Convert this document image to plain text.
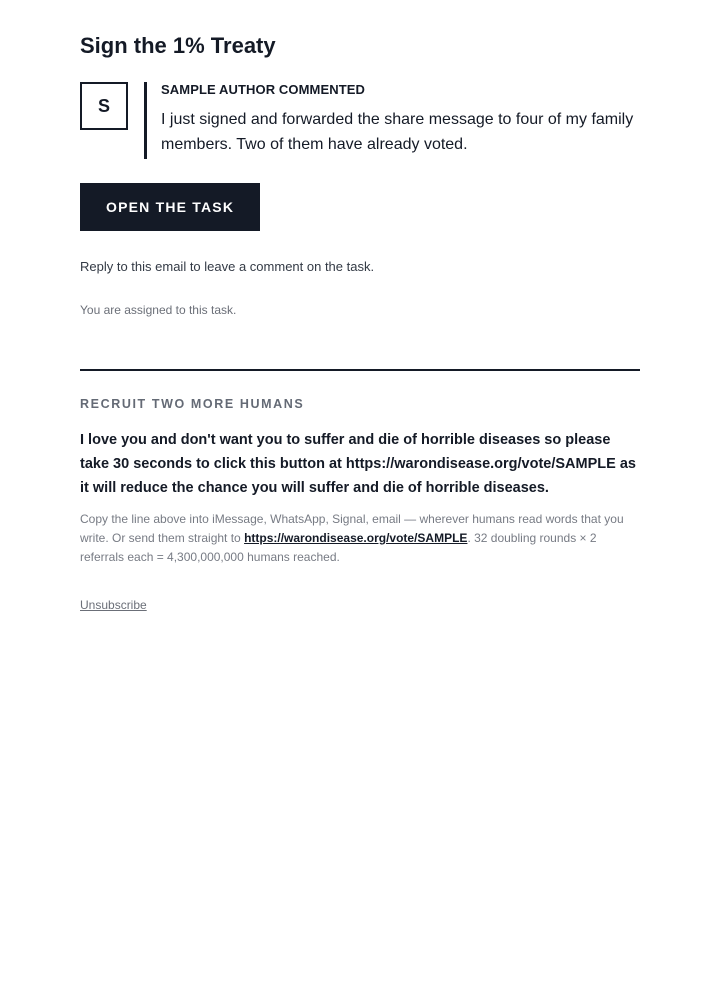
Sign the 1% Treaty
S
SAMPLE AUTHOR COMMENTED
I just signed and forwarded the share message to four of my family members. Two of them have already voted.
OPEN THE TASK
Reply to this email to leave a comment on the task.
You are assigned to this task.
RECRUIT TWO MORE HUMANS
I love you and don't want you to suffer and die of horrible diseases so please take 30 seconds to click this button at https://warondisease.org/vote/SAMPLE as it will reduce the chance you will suffer and die of horrible diseases.
Copy the line above into iMessage, WhatsApp, Signal, email — wherever humans read words that you write. Or send them straight to https://warondisease.org/vote/SAMPLE. 32 doubling rounds × 2 referrals each = 4,300,000,000 humans reached.
Unsubscribe
